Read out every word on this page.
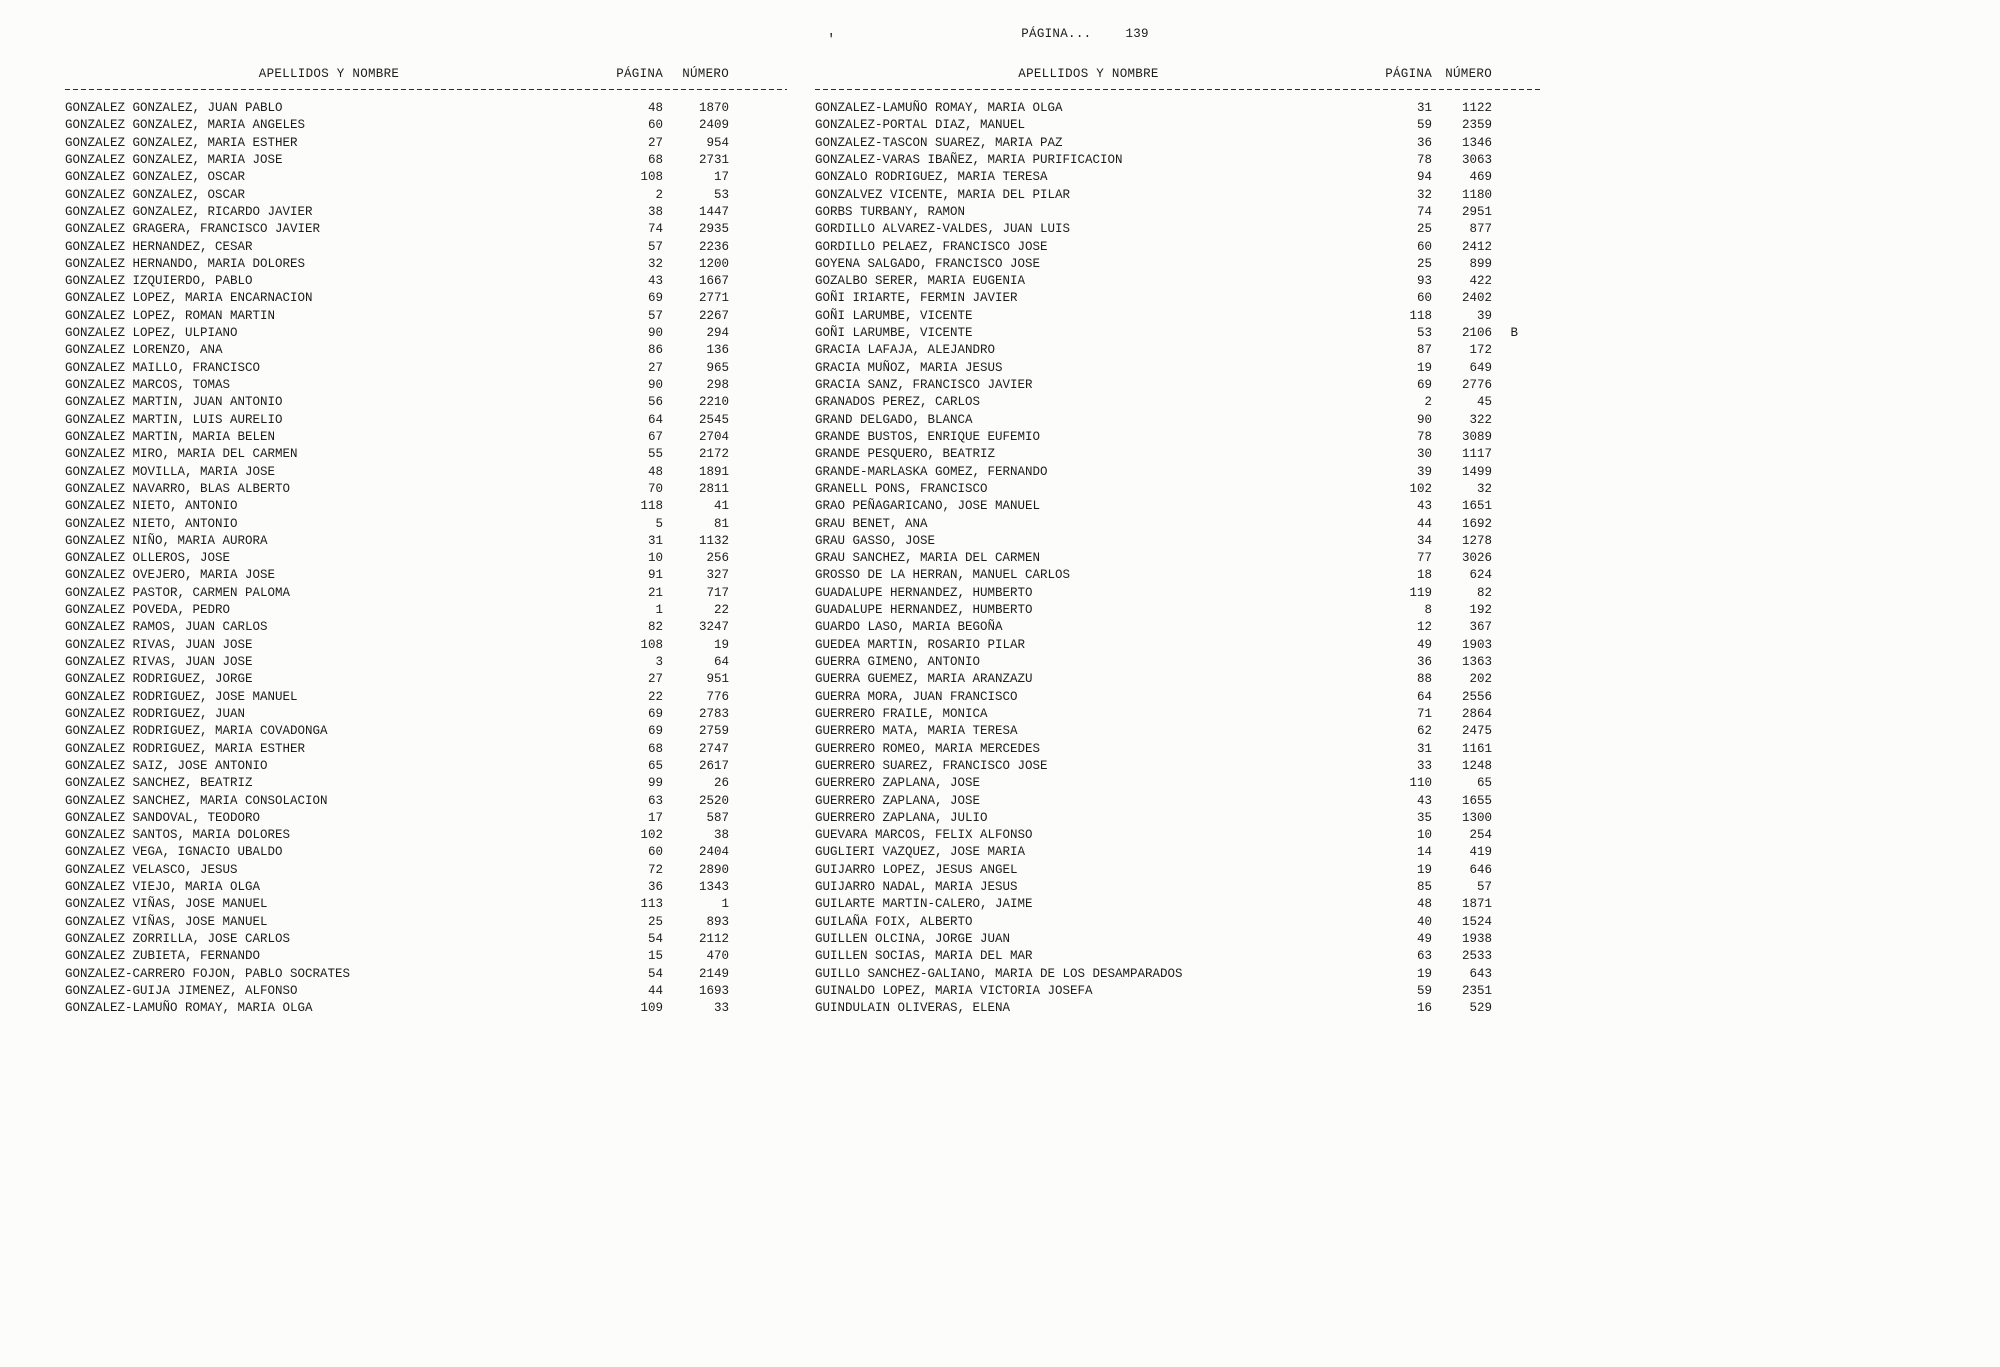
PÁGINA...	139

'
APELLIDOS Y NOMBRE	PÁGINA	NÚMERO
GONZALEZ GONZALEZ, JUAN PABLO	48	1870
GONZALEZ GONZALEZ, MARIA ANGELES	60	2409
GONZALEZ GONZALEZ, MARIA ESTHER	27	954
GONZALEZ GONZALEZ, MARIA JOSE	68	2731
GONZALEZ GONZALEZ, OSCAR	108	17
GONZALEZ GONZALEZ, OSCAR	2	53
GONZALEZ GONZALEZ, RICARDO JAVIER	38	1447
GONZALEZ GRAGERA, FRANCISCO JAVIER	74	2935
GONZALEZ HERNANDEZ, CESAR	57	2236
GONZALEZ HERNANDO, MARIA DOLORES	32	1200
GONZALEZ IZQUIERDO, PABLO	43	1667
GONZALEZ LOPEZ, MARIA ENCARNACION	69	2771
GONZALEZ LOPEZ, ROMAN MARTIN	57	2267
GONZALEZ LOPEZ, ULPIANO	90	294
GONZALEZ LORENZO, ANA	86	136
GONZALEZ MAILLO, FRANCISCO	27	965
GONZALEZ MARCOS, TOMAS	90	298
GONZALEZ MARTIN, JUAN ANTONIO	56	2210
GONZALEZ MARTIN, LUIS AURELIO	64	2545
GONZALEZ MARTIN, MARIA BELEN	67	2704
GONZALEZ MIRO, MARIA DEL CARMEN	55	2172
GONZALEZ MOVILLA, MARIA JOSE	48	1891
GONZALEZ NAVARRO, BLAS ALBERTO	70	2811
GONZALEZ NIETO, ANTONIO	118	41
GONZALEZ NIETO, ANTONIO	5	81
GONZALEZ NIÑO, MARIA AURORA	31	1132
GONZALEZ OLLEROS, JOSE	10	256
GONZALEZ OVEJERO, MARIA JOSE	91	327
GONZALEZ PASTOR, CARMEN PALOMA	21	717
GONZALEZ POVEDA, PEDRO	1	22
GONZALEZ RAMOS, JUAN CARLOS	82	3247
GONZALEZ RIVAS, JUAN JOSE	108	19
GONZALEZ RIVAS, JUAN JOSE	3	64
GONZALEZ RODRIGUEZ, JORGE	27	951
GONZALEZ RODRIGUEZ, JOSE MANUEL	22	776
GONZALEZ RODRIGUEZ, JUAN	69	2783
GONZALEZ RODRIGUEZ, MARIA COVADONGA	69	2759
GONZALEZ RODRIGUEZ, MARIA ESTHER	68	2747
GONZALEZ SAIZ, JOSE ANTONIO	65	2617
GONZALEZ SANCHEZ, BEATRIZ	99	26
GONZALEZ SANCHEZ, MARIA CONSOLACION	63	2520
GONZALEZ SANDOVAL, TEODORO	17	587
GONZALEZ SANTOS, MARIA DOLORES	102	38
GONZALEZ VEGA, IGNACIO UBALDO	60	2404
GONZALEZ VELASCO, JESUS	72	2890
GONZALEZ VIEJO, MARIA OLGA	36	1343
GONZALEZ VIÑAS, JOSE MANUEL	113	1
GONZALEZ VIÑAS, JOSE MANUEL	25	893
GONZALEZ ZORRILLA, JOSE CARLOS	54	2112
GONZALEZ ZUBIETA, FERNANDO	15	470
GONZALEZ-CARRERO FOJON, PABLO SOCRATES	54	2149
GONZALEZ-GUIJA JIMENEZ, ALFONSO	44	1693
GONZALEZ-LAMUÑO ROMAY, MARIA OLGA	109	33
APELLIDOS Y NOMBRE	PÁGINA	NÚMERO
GONZALEZ-LAMUÑO ROMAY, MARIA OLGA	31	1122
GONZALEZ-PORTAL DIAZ, MANUEL	59	2359
GONZALEZ-TASCON SUAREZ, MARIA PAZ	36	1346
GONZALEZ-VARAS IBAÑEZ, MARIA PURIFICACION	78	3063
GONZALO RODRIGUEZ, MARIA TERESA	94	469
GONZALVEZ VICENTE, MARIA DEL PILAR	32	1180
GORBS TURBANY, RAMON	74	2951
GORDILLO ALVAREZ-VALDES, JUAN LUIS	25	877
GORDILLO PELAEZ, FRANCISCO JOSE	60	2412
GOYENA SALGADO, FRANCISCO JOSE	25	899
GOZALBO SERER, MARIA EUGENIA	93	422
GOÑI IRIARTE, FERMIN JAVIER	60	2402
GOÑI LARUMBE, VICENTE	118	39
GOÑI LARUMBE, VICENTE	53	2106	B
GRACIA LAFAJA, ALEJANDRO	87	172
GRACIA MUÑOZ, MARIA JESUS	19	649
GRACIA SANZ, FRANCISCO JAVIER	69	2776
GRANADOS PEREZ, CARLOS	2	45
GRAND DELGADO, BLANCA	90	322
GRANDE BUSTOS, ENRIQUE EUFEMIO	78	3089
GRANDE PESQUERO, BEATRIZ	30	1117
GRANDE-MARLASKA GOMEZ, FERNANDO	39	1499
GRANELL PONS, FRANCISCO	102	32
GRAO PEÑAGARICANO, JOSE MANUEL	43	1651
GRAU BENET, ANA	44	1692
GRAU GASSO, JOSE	34	1278
GRAU SANCHEZ, MARIA DEL CARMEN	77	3026
GROSSO DE LA HERRAN, MANUEL CARLOS	18	624
GUADALUPE HERNANDEZ, HUMBERTO	119	82
GUADALUPE HERNANDEZ, HUMBERTO	8	192
GUARDO LASO, MARIA BEGOÑA	12	367
GUEDEA MARTIN, ROSARIO PILAR	49	1903
GUERRA GIMENO, ANTONIO	36	1363
GUERRA GUEMEZ, MARIA ARANZAZU	88	202
GUERRA MORA, JUAN FRANCISCO	64	2556
GUERRERO FRAILE, MONICA	71	2864
GUERRERO MATA, MARIA TERESA	62	2475
GUERRERO ROMEO, MARIA MERCEDES	31	1161
GUERRERO SUAREZ, FRANCISCO JOSE	33	1248
GUERRERO ZAPLANA, JOSE	110	65
GUERRERO ZAPLANA, JOSE	43	1655
GUERRERO ZAPLANA, JULIO	35	1300
GUEVARA MARCOS, FELIX ALFONSO	10	254
GUGLIERI VAZQUEZ, JOSE MARIA	14	419
GUIJARRO LOPEZ, JESUS ANGEL	19	646
GUIJARRO NADAL, MARIA JESUS	85	57
GUILARTE MARTIN-CALERO, JAIME	48	1871
GUILAÑA FOIX, ALBERTO	40	1524
GUILLEN OLCINA, JORGE JUAN	49	1938
GUILLEN SOCIAS, MARIA DEL MAR	63	2533
GUILLO SANCHEZ-GALIANO, MARIA DE LOS DESAMPARADOS	19	643
GUINALDO LOPEZ, MARIA VICTORIA JOSEFA	59	2351
GUINDULAIN OLIVERAS, ELENA	16	529
